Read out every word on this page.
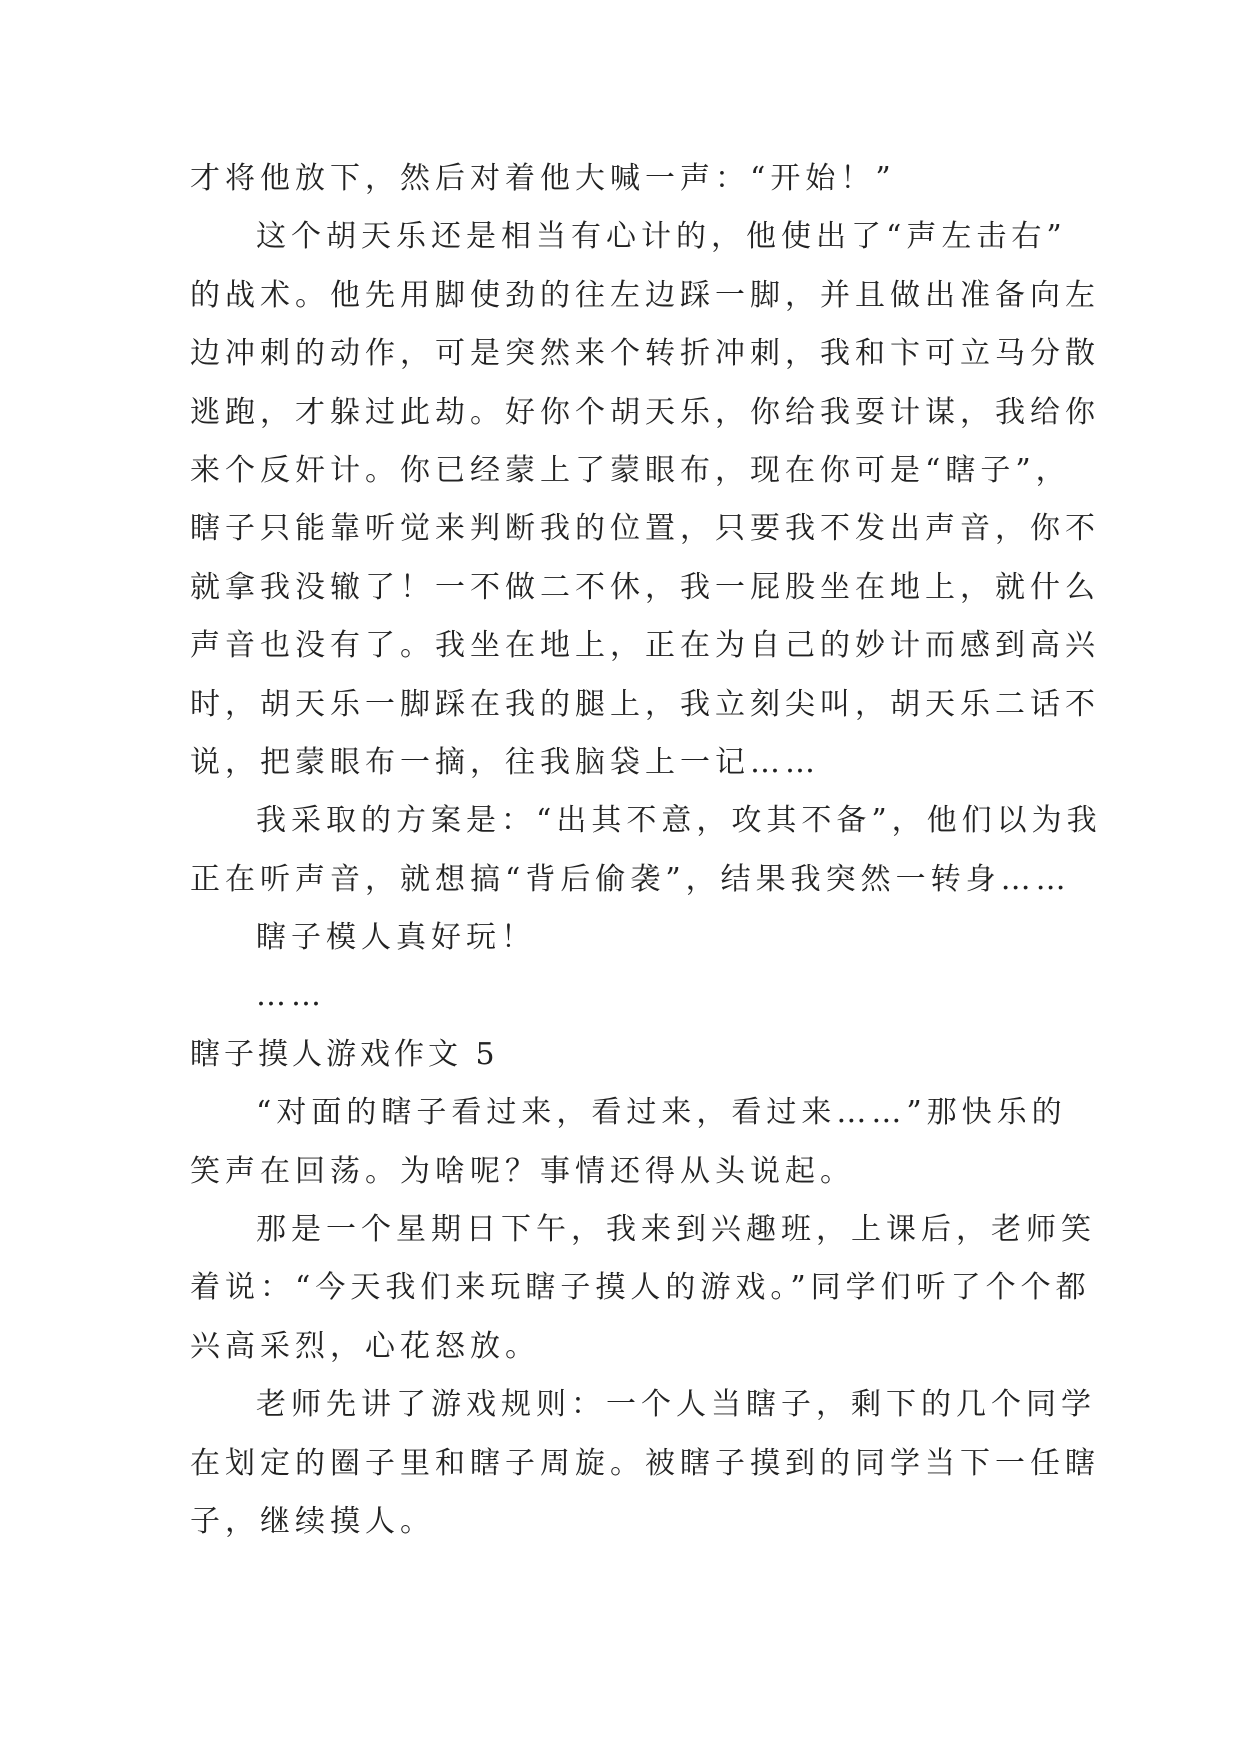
才将他放下，然后对着他大喊一声：“开始！”
这个胡天乐还是相当有心计的，他使出了“声左击右”
的战术。他先用脚使劲的往左边踩一脚，并且做出准备向左
边冲刺的动作，可是突然来个转折冲刺，我和卞可立马分散
逃跑，才躲过此劫。好你个胡天乐，你给我耍计谋，我给你
来个反奸计。你已经蒙上了蒙眼布，现在你可是“瞎子”，
瞎子只能靠听觉来判断我的位置，只要我不发出声音，你不
就拿我没辙了！一不做二不休，我一屁股坐在地上，就什么
声音也没有了。我坐在地上，正在为自己的妙计而感到高兴
时，胡天乐一脚踩在我的腿上，我立刻尖叫，胡天乐二话不
说，把蒙眼布一摘，往我脑袋上一记……
我采取的方案是：“出其不意，攻其不备”，他们以为我
正在听声音，就想搞“背后偷袭”，结果我突然一转身……
瞎子模人真好玩！
……
瞎子摸人游戏作文 5
“对面的瞎子看过来，看过来，看过来……”那快乐的
笑声在回荡。为啥呢？事情还得从头说起。
那是一个星期日下午，我来到兴趣班，上课后，老师笑
着说：“今天我们来玩瞎子摸人的游戏。”同学们听了个个都
兴高采烈，心花怒放。
老师先讲了游戏规则：一个人当瞎子，剩下的几个同学
在划定的圈子里和瞎子周旋。被瞎子摸到的同学当下一任瞎
子，继续摸人。
